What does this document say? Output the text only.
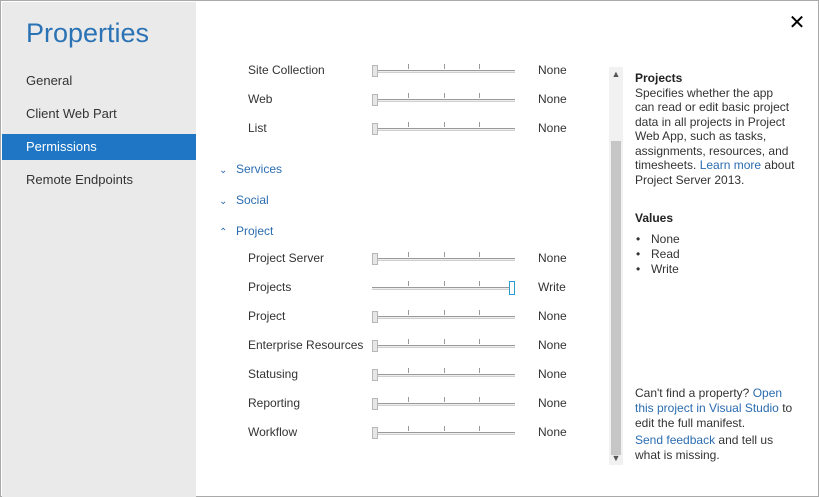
Properties
General
Client Web Part
Permissions
Remote Endpoints
✕
Site Collection	None
Web	None
List	None
⌄ Services
⌄ Social
⌃ Project
Project Server	None
Projects	Write
Project	None
Enterprise Resources	None
Statusing	None
Reporting	None
Workflow	None
▲
▼
Projects
Specifies whether the app can read or edit basic project data in all projects in Project Web App, such as tasks, assignments, resources, and timesheets. Learn more about Project Server 2013.
Values
• None
• Read
• Write
Can't find a property? Open this project in Visual Studio to edit the full manifest.
Send feedback and tell us what is missing.
